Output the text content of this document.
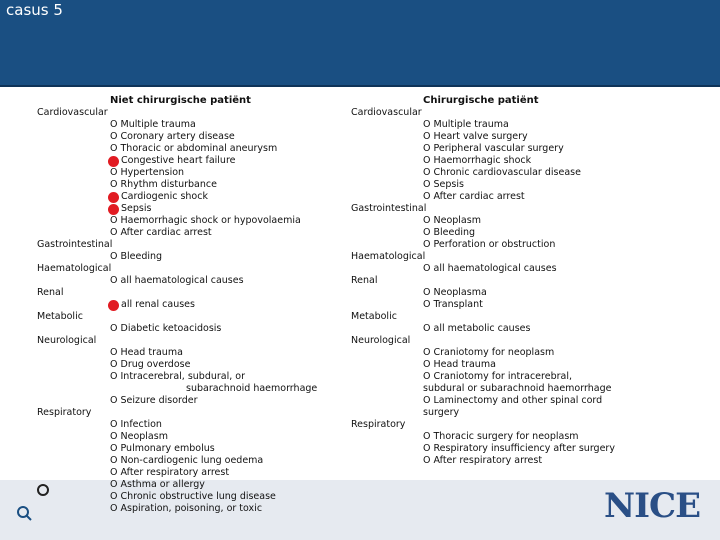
casus 5
Niet chirurgische patiënt
Cardiovascular
O Multiple trauma
O Coronary artery disease
O Thoracic or abdominal aneurysm
Congestive heart failure
O Hypertension
O Rhythm disturbance
Cardiogenic shock
Sepsis
O Haemorrhagic shock or hypovolaemia
O After cardiac arrest
Gastrointestinal
O Bleeding
Haematological
O all haematological causes
Renal
all renal causes
Metabolic
O Diabetic ketoacidosis
Neurological
O Head trauma
O Drug overdose
O Intracerebral, subdural, or
subarachnoid haemorrhage
O Seizure disorder
Respiratory
O Infection
O Neoplasm
O Pulmonary embolus
O Non-cardiogenic lung oedema
O After respiratory arrest
O Asthma or allergy
O Chronic obstructive lung disease
O Aspiration, poisoning, or toxic
Chirurgische patiënt
Cardiovascular
O Multiple trauma
O Heart valve surgery
O Peripheral vascular surgery
O Haemorrhagic shock
O Chronic cardiovascular disease
O Sepsis
O After cardiac arrest
Gastrointestinal
O Neoplasm
O Bleeding
O Perforation or obstruction
Haematological
O all haematological causes
Renal
O Neoplasma
O Transplant
Metabolic
O all metabolic causes
Neurological
O Craniotomy for neoplasm
O Head trauma
O Craniotomy for intracerebral,
subdural or subarachnoid haemorrhage
O Laminectomy and other spinal cord
surgery
Respiratory
O Thoracic surgery for neoplasm
O Respiratory insufficiency after surgery
O After respiratory arrest
NICE
